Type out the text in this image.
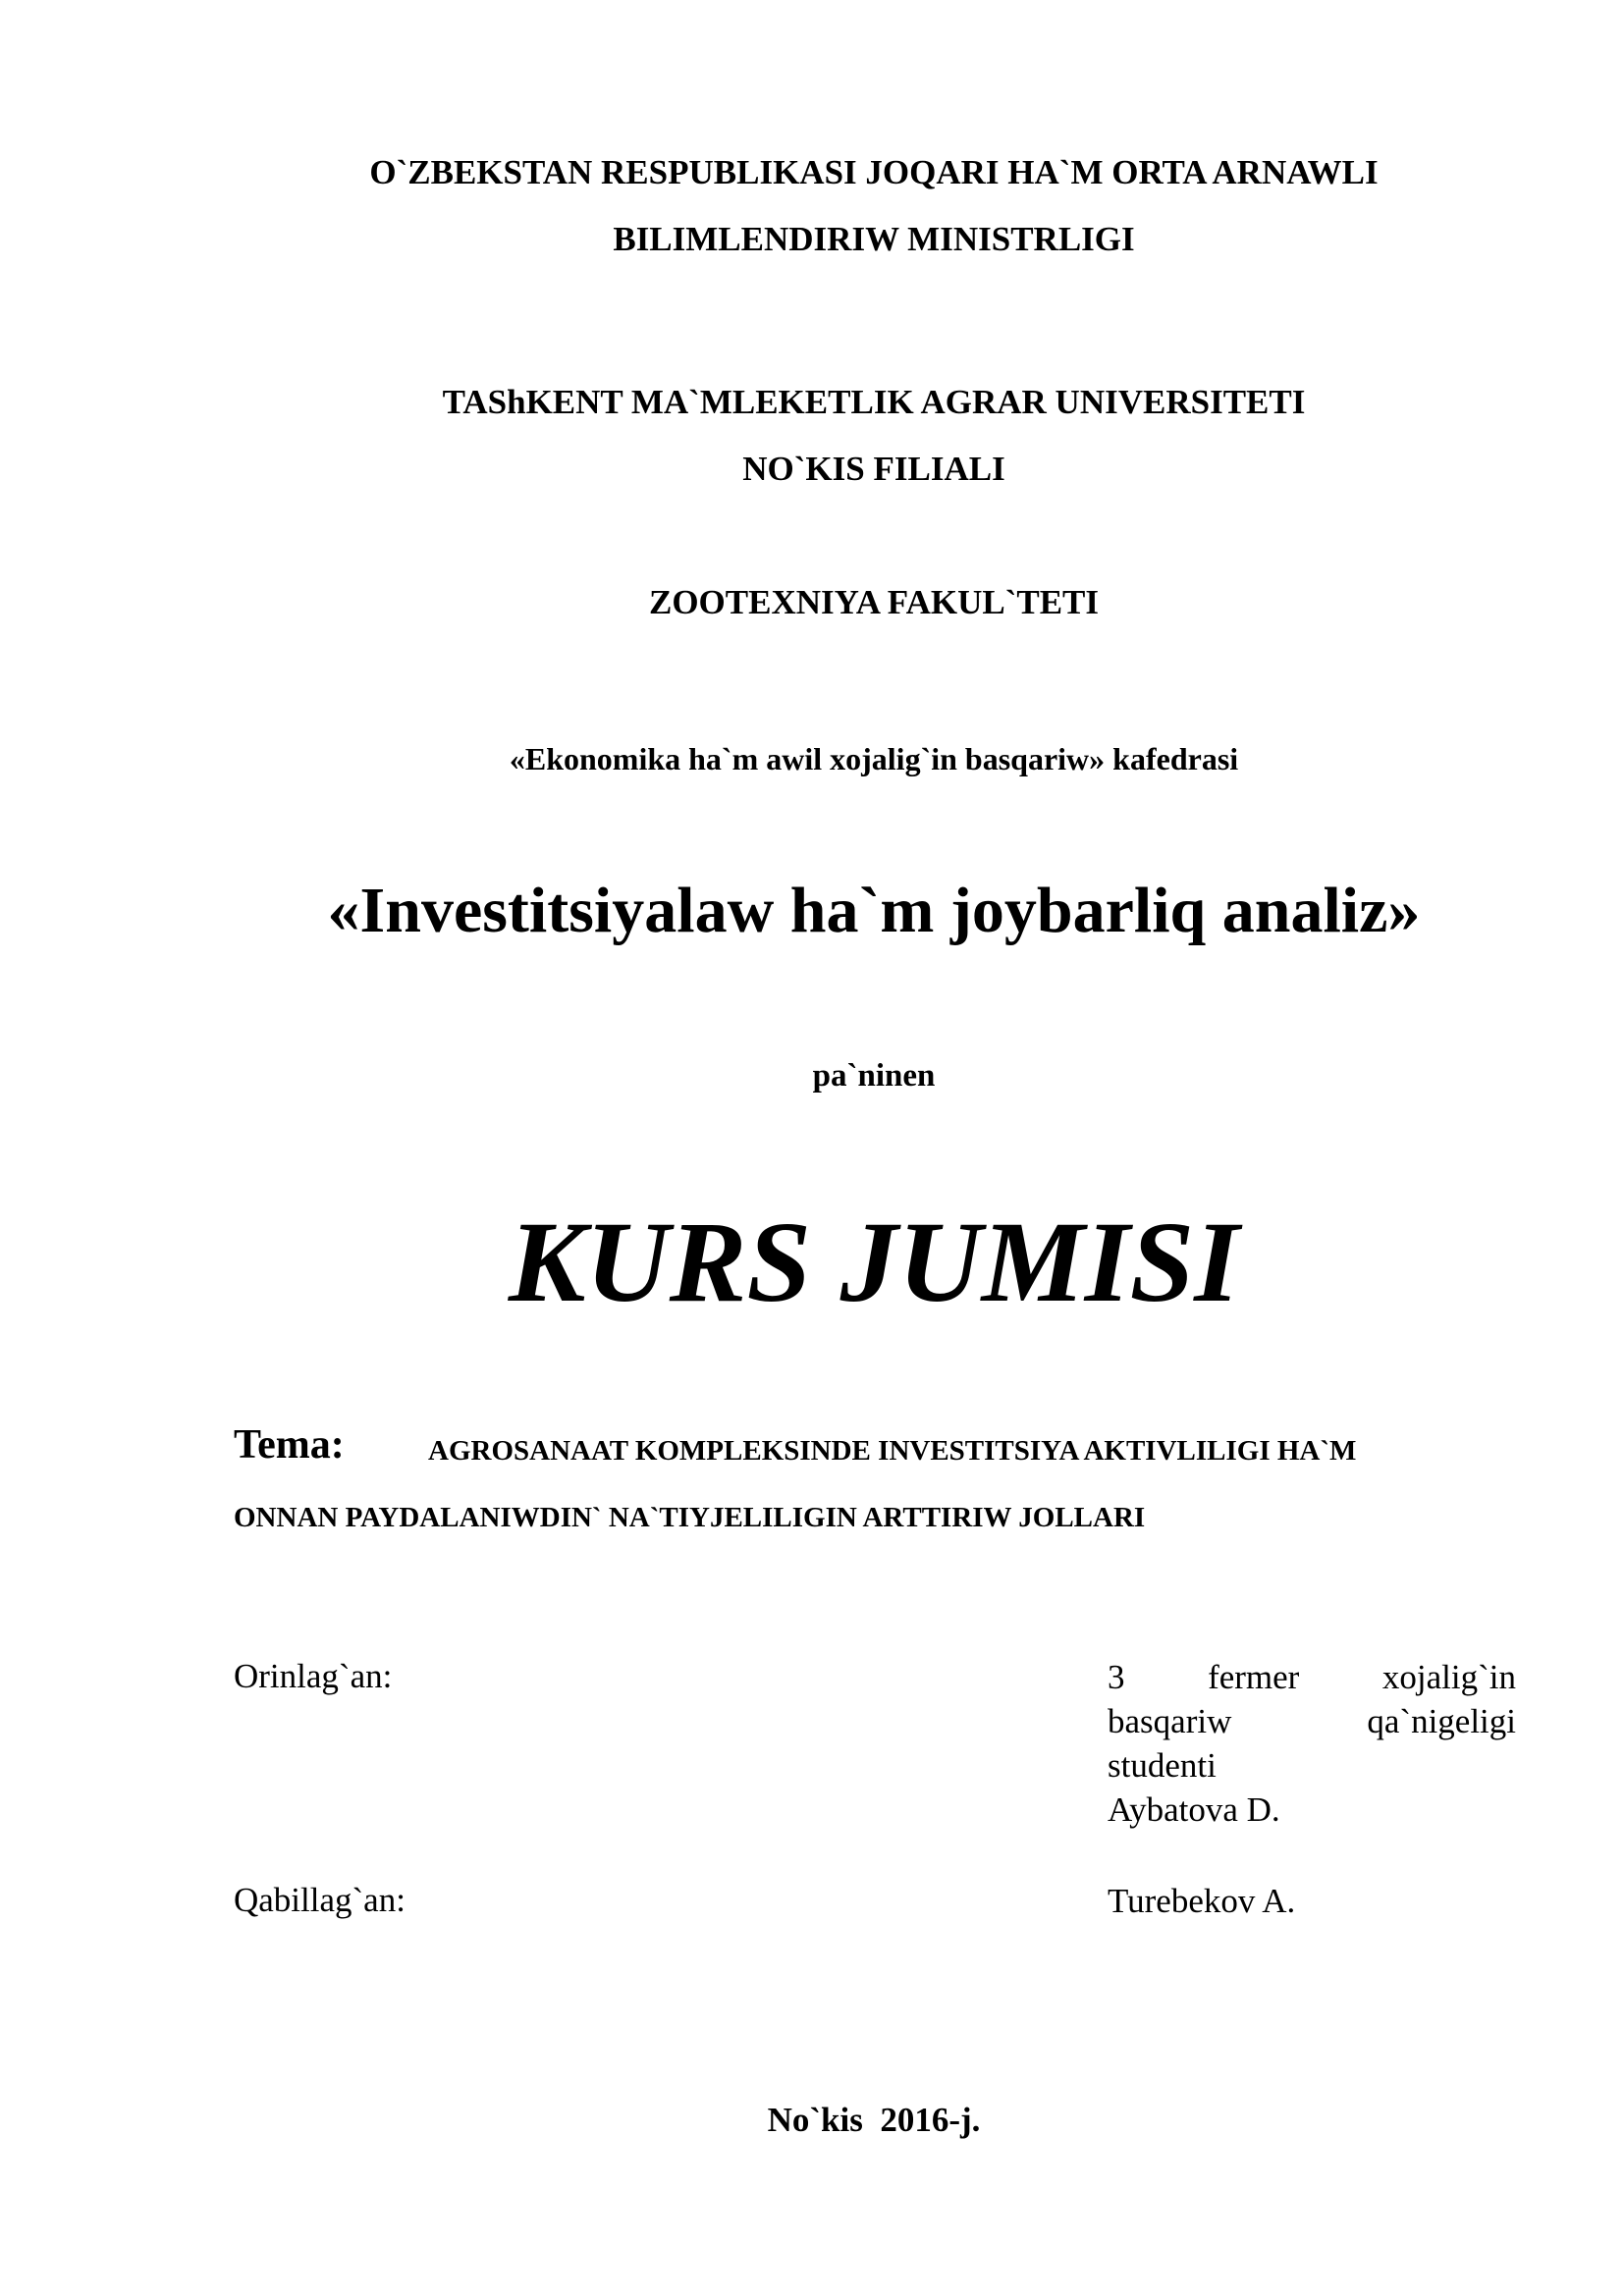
O`ZBEKSTAN RESPUBLIKASI JOQARI HA`M ORTA ARNAWLI
BILIMLENDIRIW MINISTRLIGI
TAShKENT MA`MLEKETLIK AGRAR UNIVERSITETI
NO`KIS FILIALI
ZOOTEXNIYA FAKUL`TETI
«Ekonomika ha`m awil xojalig`in basqariw» kafedrasi
«Investitsiyalaw ha`m joybarliq analiz»
pa`ninen
KURS JUMISI
Tema:	AGROSANAAT KOMPLEKSINDE INVESTITSIYA AKTIVLILIGI HA`M
ONNAN PAYDALANIWDIN` NA`TIYJELILIGIN ARTTIRIW JOLLARI
Orinlag`an:	3 fermer xojalig`in
basqariw qa`nigeligi
studenti
Aybatova D.
Qabillag`an:	Turebekov A.
No`kis  2016-j.
